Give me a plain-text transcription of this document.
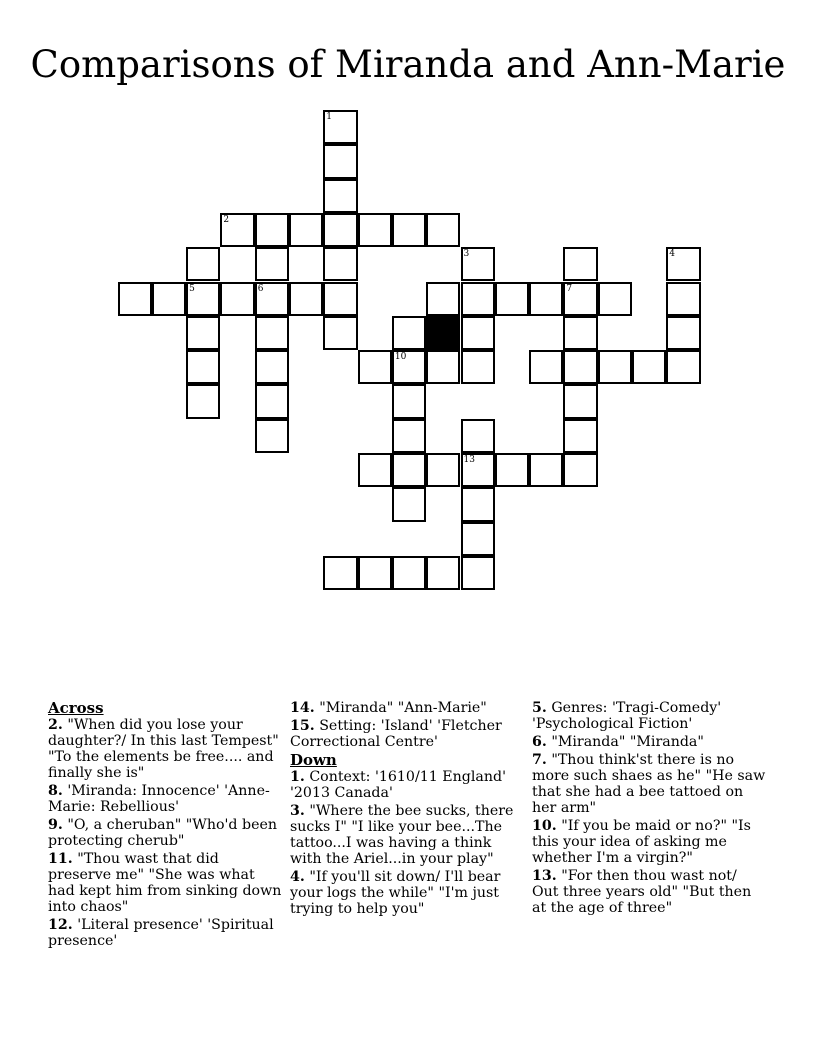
Comparisons of Miranda and Ann-Marie
1
2
5	6	7
3	4
10
13
9
Across
2. "When did you lose your daughter?/ In this last Tempest" "To the elements be free.... and finally she is"
8. 'Miranda: Innocence' 'Anne-Marie: Rebellious'
9. "O, a cheruban" "Who'd been protecting cherub"
11. "Thou wast that did preserve me" "She was what had kept him from sinking down into chaos"
12. 'Literal presence' 'Spiritual presence'
14. "Miranda" "Ann-Marie"
15. Setting: 'Island' 'Fletcher Correctional Centre'
Down
1. Context: '1610/11 England' '2013 Canada'
3. "Where the bee sucks, there sucks I" "I like your bee...The tattoo...I was having a think with the Ariel...in your play"
4. "If you'll sit down/ I'll bear your logs the while" "I'm just trying to help you"
5. Genres: 'Tragi-Comedy' 'Psychological Fiction'
6. "Miranda" "Miranda"
7. "Thou think'st there is no more such shaes as he" "He saw that she had a bee tattoed on her arm"
10. "If you be maid or no?" "Is this your idea of asking me whether I'm a virgin?"
13. "For then thou wast not/ Out three years old" "But then at the age of three"
